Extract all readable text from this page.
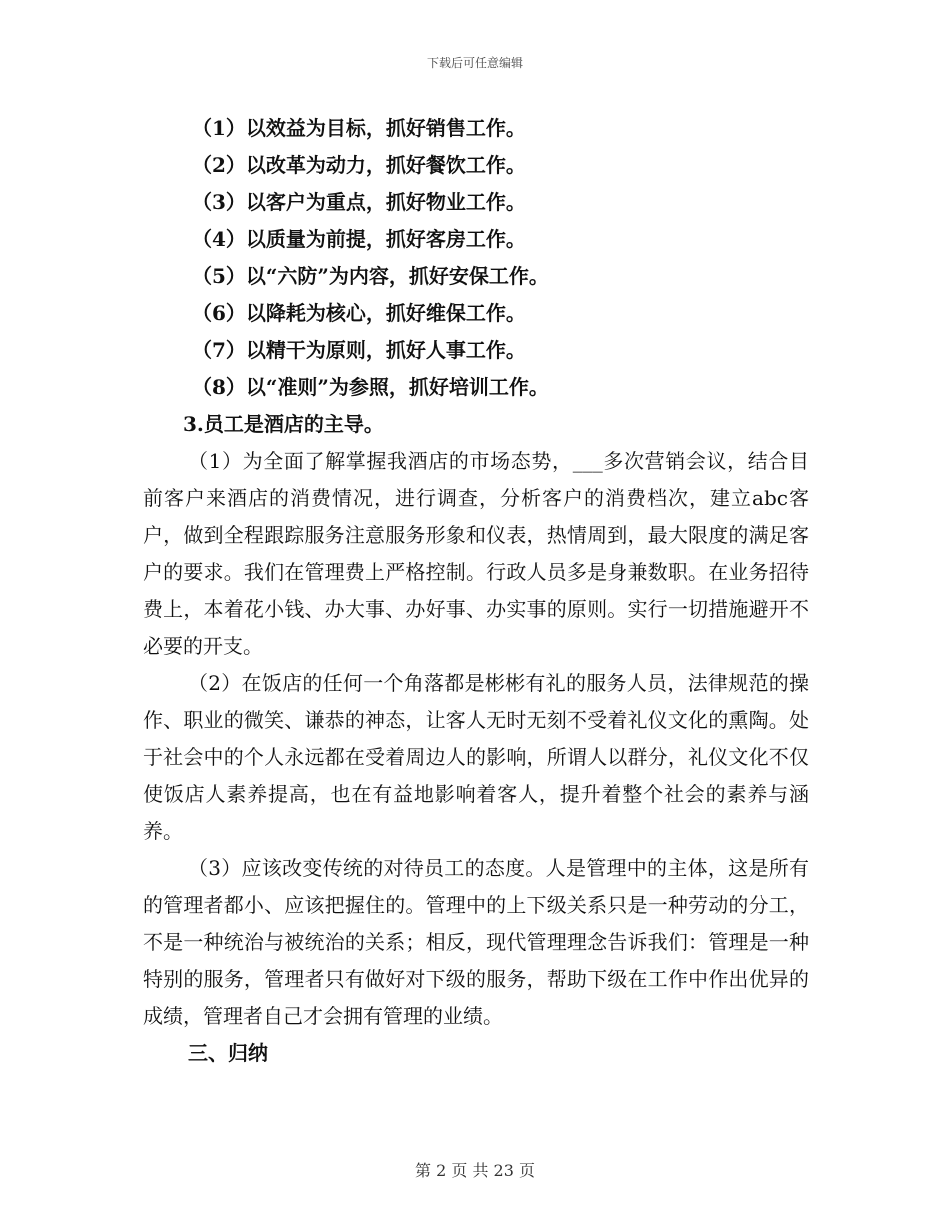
下载后可任意编辑
（1）以效益为目标，抓好销售工作。
（2）以改革为动力，抓好餐饮工作。
（3）以客户为重点，抓好物业工作。
（4）以质量为前提，抓好客房工作。
（5）以“六防”为内容，抓好安保工作。
（6）以降耗为核心，抓好维保工作。
（7）以精干为原则，抓好人事工作。
（8）以“准则”为参照，抓好培训工作。
3.员工是酒店的主导。

（1）为全面了解掌握我酒店的市场态势，___多次营销会议，结合目前客户来酒店的消费情况，进行调查，分析客户的消费档次，建立abc客户，做到全程跟踪服务注意服务形象和仪表，热情周到，最大限度的满足客户的要求。我们在管理费上严格控制。行政人员多是身兼数职。在业务招待费上，本着花小钱、办大事、办好事、办实事的原则。实行一切措施避开不必要的开支。

（2）在饭店的任何一个角落都是彬彬有礼的服务人员，法律规范的操作、职业的微笑、谦恭的神态，让客人无时无刻不受着礼仪文化的熏陶。处于社会中的个人永远都在受着周边人的影响，所谓人以群分，礼仪文化不仅使饭店人素养提高，也在有益地影响着客人，提升着整个社会的素养与涵养。

（3）应该改变传统的对待员工的态度。人是管理中的主体，这是所有的管理者都小、应该把握住的。管理中的上下级关系只是一种劳动的分工，不是一种统治与被统治的关系；相反，现代管理理念告诉我们：管理是一种特别的服务，管理者只有做好对下级的服务，帮助下级在工作中作出优异的成绩，管理者自己才会拥有管理的业绩。

三、归纳
第 2 页 共 23 页
